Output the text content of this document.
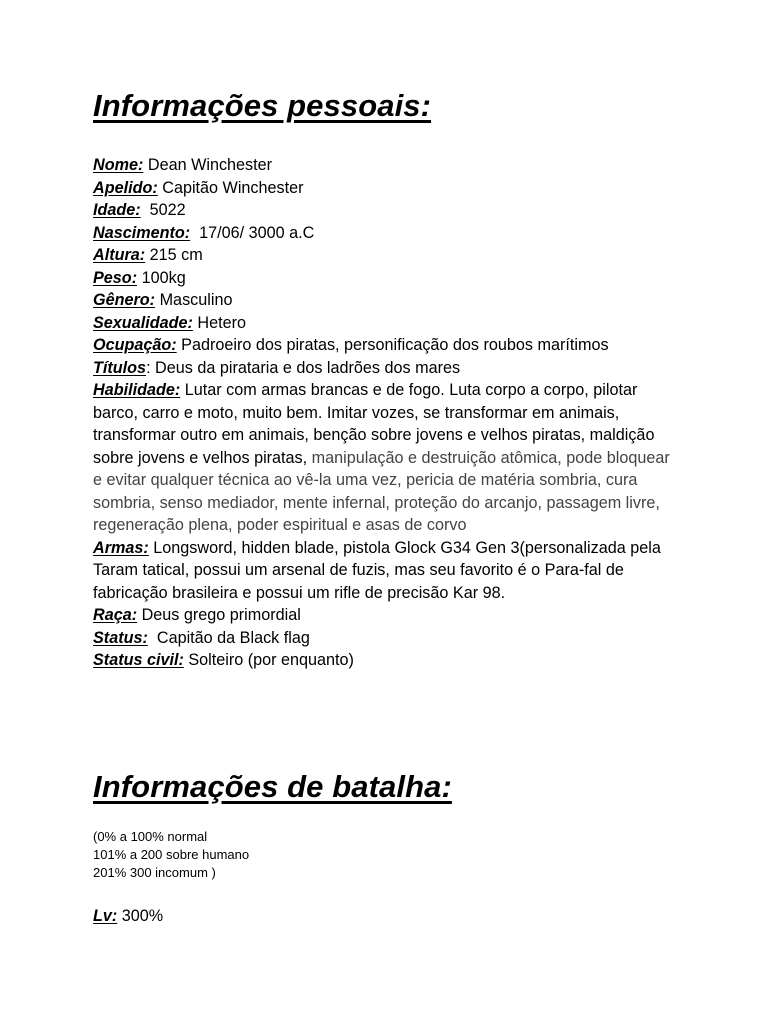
Informações pessoais:

Nome: Dean Winchester

Apelido: Capitão Winchester

Idade: 5022

Nascimento: 17/06/ 3000 a.C

Altura: 215 cm

Peso: 100kg

Gênero: Masculino

Sexualidade: Hetero

Ocupação: Padroeiro dos piratas, personificação dos roubos marítimos

Títulos: Deus da pirataria e dos ladrões dos mares

Habilidade: Lutar com armas brancas e de fogo. Luta corpo a corpo, pilotar barco, carro e moto, muito bem. Imitar vozes, se transformar em animais, transformar outro em animais, benção sobre jovens e velhos piratas, maldição sobre jovens e velhos piratas, manipulação e destruição atômica, pode bloquear e evitar qualquer técnica ao vê-la uma vez, pericia de matéria sombria, cura sombria, senso mediador, mente infernal, proteção do arcanjo, passagem livre, regeneração plena, poder espiritual e asas de corvo

Armas: Longsword, hidden blade, pistola Glock G34 Gen 3(personalizada pela Taram tatical, possui um arsenal de fuzis, mas seu favorito é o Para-fal de fabricação brasileira e possui um rifle de precisão Kar 98.

Raça: Deus grego primordial

Status: Capitão da Black flag

Status civil: Solteiro (por enquanto)

Informações de batalha:
(0% a 100% normal
101% a 200 sobre humano
201% 300 incomum )

Lv: 300%
